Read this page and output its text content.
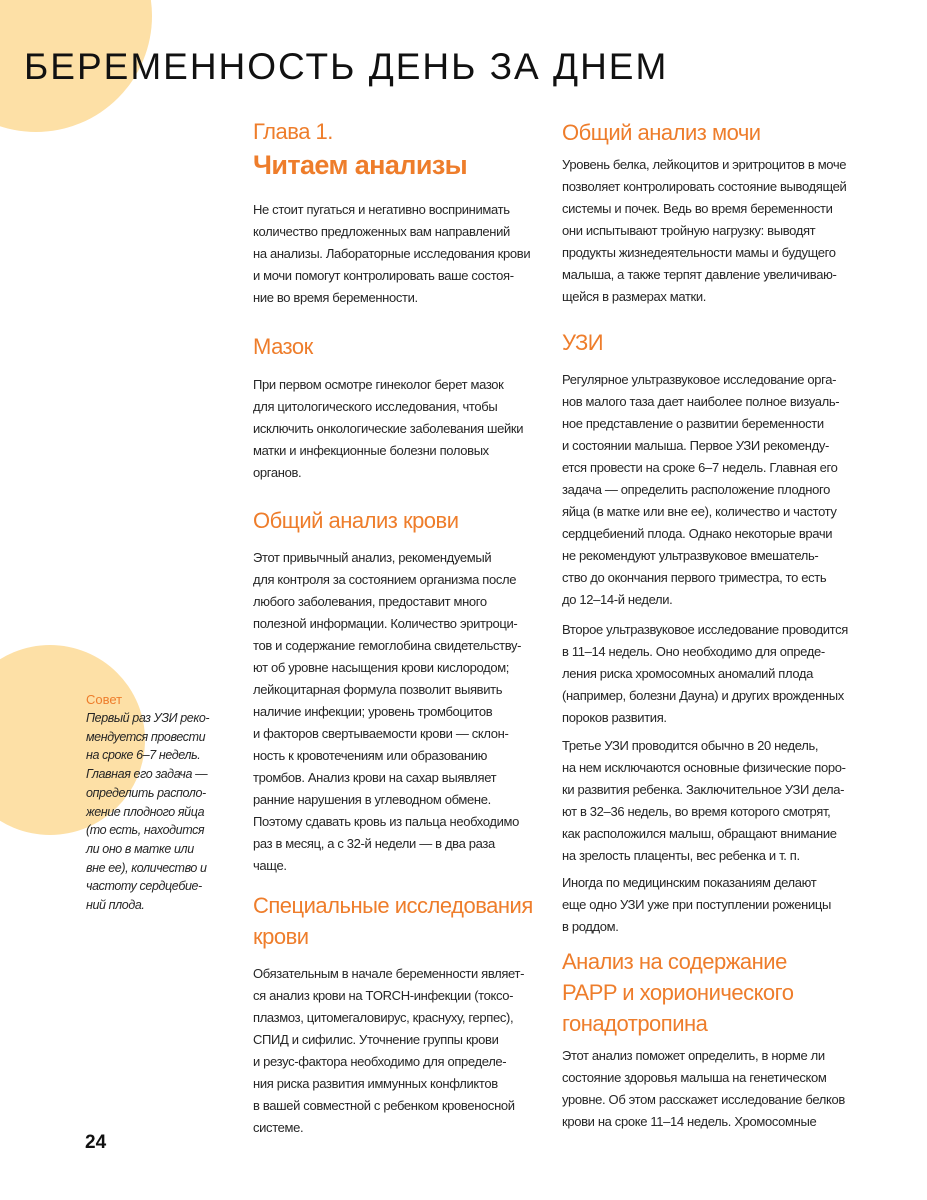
БЕРЕМЕННОСТЬ ДЕНЬ ЗА ДНЕМ
Глава 1.
Читаем анализы
Не стоит пугаться и негативно воспринимать
количество предложенных вам направлений
на анализы. Лабораторные исследования крови
и мочи помогут контролировать ваше состоя-
ние во время беременности.
Мазок
При первом осмотре гинеколог берет мазок
для цитологического исследования, чтобы
исключить онкологические заболевания шейки
матки и инфекционные болезни половых
органов.
Общий анализ крови
Этот привычный анализ, рекомендуемый
для контроля за состоянием организма после
любого заболевания, предоставит много
полезной информации. Количество эритроци-
тов и содержание гемоглобина свидетельству-
ют об уровне насыщения крови кислородом;
лейкоцитарная формула позволит выявить
наличие инфекции; уровень тромбоцитов
и факторов свертываемости крови — склон-
ность к кровотечениям или образованию
тромбов. Анализ крови на сахар выявляет
ранние нарушения в углеводном обмене.
Поэтому сдавать кровь из пальца необходимо
раз в месяц, а с 32-й недели — в два раза
чаще.
Специальные исследования
крови
Обязательным в начале беременности являет-
ся анализ крови на TORCH-инфекции (токсо-
плазмоз, цитомегаловирус, краснуху, герпес),
СПИД и сифилис. Уточнение группы крови
и резус-фактора необходимо для определе-
ния риска развития иммунных конфликтов
в вашей совместной с ребенком кровеносной
системе.
Общий анализ мочи
Уровень белка, лейкоцитов и эритроцитов в моче
позволяет контролировать состояние выводящей
системы и почек. Ведь во время беременности
они испытывают тройную нагрузку: выводят
продукты жизнедеятельности мамы и будущего
малыша, а также терпят давление увеличиваю-
щейся в размерах матки.
УЗИ
Регулярное ультразвуковое исследование орга-
нов малого таза дает наиболее полное визуаль-
ное представление о развитии беременности
и состоянии малыша. Первое УЗИ рекоменду-
ется провести на сроке 6–7 недель. Главная его
задача — определить расположение плодного
яйца (в матке или вне ее), количество и частоту
сердцебиений плода. Однако некоторые врачи
не рекомендуют ультразвуковое вмешатель-
ство до окончания первого триместра, то есть
до 12–14-й недели.
Второе ультразвуковое исследование проводится
в 11–14 недель. Оно необходимо для опреде-
ления риска хромосомных аномалий плода
(например, болезни Дауна) и других врожденных
пороков развития.
Третье УЗИ проводится обычно в 20 недель,
на нем исключаются основные физические поро-
ки развития ребенка. Заключительное УЗИ дела-
ют в 32–36 недель, во время которого смотрят,
как расположился малыш, обращают внимание
на зрелость плаценты, вес ребенка и т. п.
Иногда по медицинским показаниям делают
еще одно УЗИ уже при поступлении роженицы
в роддом.
Анализ на содержание
PAPP и хорионического
гонадотропина
Этот анализ поможет определить, в норме ли
состояние здоровья малыша на генетическом
уровне. Об этом расскажет исследование белков
крови на сроке 11–14 недель. Хромосомные
Совет
Первый раз УЗИ реко-
мендуется провести
на сроке 6–7 недель.
Главная его задача —
определить располо-
жение плодного яйца
(то есть, находится
ли оно в матке или
вне ее), количество и
частоту сердцебие-
ний плода.
24
